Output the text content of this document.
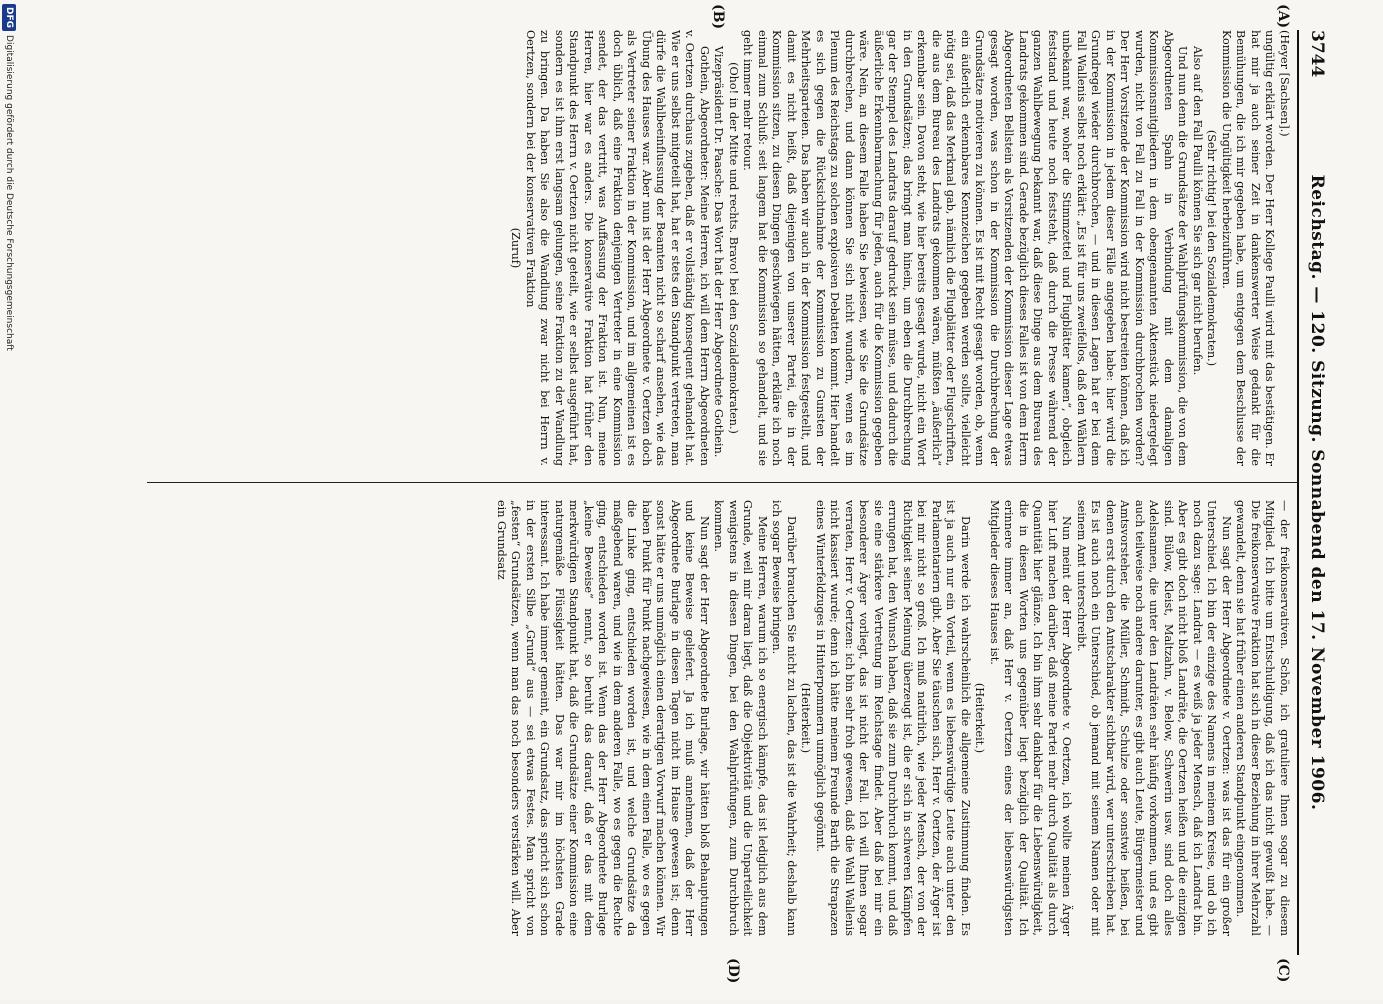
3744
Reichstag. — 120. Sitzung. Sonnabend den 17. November 1906.
(A)
(B)
(C)
(D)

(Heyer [Sachsen].)

ungültig erklärt worden. Der Herr Kollege Paulli wird mit das bestätigen. Er hat mir ja auch seiner Zeit in dankenswerter Weise gedankt für die Bemühungen, die ich mir gegeben habe, um entgegen dem Beschlusse der Kommission die Ungültigkeit herbeizuführen.

(Sehr richtig! bei den Sozialdemokraten.)

Also auf den Fall Paulli können Sie sich gar nicht berufen.

Und nun denn die Grundsätze der Wahlprüfungskommission, die von dem Abgeordneten Spahn in Verbindung mit dem damaligen Kommissionsmitgliedern in dem obengenannten Aktenstück niedergelegt wurden, nicht von Fall zu Fall in der Kommission durchbrochen worden? Der Herr Vorsitzende der Kommission wird nicht bestreiten können, daß ich in der Kommission in jedem dieser Fälle angegeben habe: hier wird die Grundregel wieder durchbrochen, — und in diesen Lagen hat er bei dem Fall Wallenis selbst noch erklärt: „Es ist für uns zweifellos, daß den Wählern unbekannt war, woher die Stimmzettel und Flugblätter kamen“, obgleich feststand und heute noch feststeht, daß durch die Presse während der ganzen Wahlbewegung bekannt war, daß diese Dinge aus dem Bureau des Landrats gekommen sind. Gerade bezüglich dieses Falles ist von dem Herrn Abgeordneten Bellstein als Vorsitzenden der Kommission dieser Lage etwas gesagt worden, was schon in der Kommission die Durchbrechung der Grundsätze motivieren zu können. Es ist mit Recht gesagt worden, ob, wenn ein äußerlich erkennbares Kennzeichen gegeben werden sollte, vielleicht nötig sei, daß das Merkmal gab, nämlich die Flugblätter oder Flugschriften, die aus dem Bureau des Landrats gekommen wären, müßten „äußerlich“ erkennbar sein. Davon steht, wie hier bereits gesagt wurde, nicht ein Wort in den Grundsätzen; das bringt man hinein, um eben die Durchbrechung gar der Stempel des Landrats darauf gedruckt sein müsse, und dadurch die äußerliche Erkennbarmachung für jeden, auch für die Kommission gegeben wäre. Nein, an diesem Falle haben Sie bewiesen, wie Sie die Grundsätze durchbrechen, und dann können Sie sich nicht wundern, wenn es im Plenum des Reichstags zu solchen explosiven Debatten kommt. Hier handelt es sich gegen die Rücksichtnahme der Kommission zu Gunsten der Mehrheitsparteien. Das haben wir auch in der Kommission festgestellt, und damit es nicht heißt, daß diejenigen von unserer Partei, die in der Kommission sitzen, zu diesen Dingen geschwiegen hätten, erkläre ich noch einmal zum Schluß: seit langem hat die Kommission so gehandelt, und sie geht immer mehr retour.

(Oho! in der Mitte und rechts. Bravo! bei den Sozialdemokraten.)

Vizepräsident Dr. Paasche: Das Wort hat der Herr Abgeordnete Gothein.

Gothein, Abgeordneter: Meine Herren, ich will dem Herrn Abgeordneten v. Oertzen durchaus zugeben, daß er vollständig konsequent gehandelt hat. Wie er uns selbst mitgeteilt hat, hat er stets den Standpunkt vertreten, man dürfe die Wahlbeeinflussung der Beamten nicht so scharf ansehen, wie das Übung des Hauses war. Aber nun ist der Herr Abgeordnete v. Oertzen doch als Vertreter seiner Fraktion in der Kommission, und im allgemeinen ist es doch üblich, daß eine Fraktion denjenigen Vertreter in eine Kommission sendet, der das vertritt, was Auffassung der Fraktion ist. Nun, meine Herren, hier war es anders. Die konservative Fraktion hat früher den Standpunkt des Herrn v. Oertzen nicht geteilt, wie er selbst ausgeführt hat, sondern es ist ihm erst langsam gelungen, seine Fraktion zu der Wandlung zu bringen. Da haben Sie also die Wandlung zwar nicht bei Herrn v. Oertzen, sondern bei der konservativen Fraktion

(Zuruf)

— der freikonservativen. Schön, ich gratuliere Ihnen sogar zu diesem Mitglied. Ich bitte um Entschuldigung, daß ich das nicht gewußt habe. — Die freikonservative Fraktion hat sich in dieser Beziehung in ihrer Mehrzahl gewandelt, denn sie hat früher einen anderen Standpunkt eingenommen.

Nun sagt der Herr Abgeordnete v. Oertzen: was ist das für ein großer Unterschied. Ich bin der einzige des Namens in meinem Kreise, und ob ich noch dazu sage: Landrat — es weiß ja jeder Mensch, daß ich Landrat bin. Aber es gibt doch nicht bloß Landräte, die Oertzen heißen und die einzigen sind. Bülow, Kleist, Maltzahn, v. Below, Schwerin usw. sind doch alles Adelsnamen, die unter den Landräten sehr häufig vorkommen, und es gibt auch teilweise noch andere darunter, es gibt auch Leute, Bürgermeister und Amtsvorsteher, die Müller, Schmidt, Schulze oder sonstwie heißen, bei denen erst durch den Amtscharakter sichtbar wird, wer unterschrieben hat. Es ist auch noch ein Unterschied, ob jemand mit seinem Namen oder mit seinem Amt unterschreibt.

Nun meint der Herr Abgeordnete v. Oertzen, ich wollte meinen Ärger hier Luft machen darüber, daß meine Partei mehr durch Qualität als durch Quantität hier glänze. Ich bin ihm sehr dankbar für die Liebenswürdigkeit, die in diesen Worten uns gegenüber liegt bezüglich der Qualität. Ich erinnere immer an, daß Herr v. Oertzen eines der liebenswürdigsten Mitglieder dieses Hauses ist.

(Heiterkeit.)

Darin werde ich wahrscheinlich die allgemeine Zustimmung finden. Es ist ja auch nur ein Vorteil, wenn es liebenswürdige Leute auch unter den Parlamentariern gibt. Aber Sie täuschen sich, Herr v. Oertzen, der Ärger ist bei mir nicht so groß. Ich muß natürlich, wie jeder Mensch, der von der Richtigkeit seiner Meinung überzeugt ist, die er sich in schweren Kämpfen errungen hat, den Wunsch haben, daß sie zum Durchbruch kommt, und daß sie eine stärkere Vertretung im Reichstage findet. Aber daß bei mir ein besonderer Ärger vorliegt, das ist nicht der Fall. Ich will Ihnen sogar verraten, Herr v. Oertzen: ich bin sehr froh gewesen, daß die Wahl Wallenis nicht kassiert wurde; denn ich hätte meinem Freunde Barth die Strapazen eines Winterfeldzuges in Hinterpommern unmöglich gegönnt.

(Heiterkeit.)

Darüber brauchen Sie nicht zu lachen, das ist die Wahrheit; deshalb kann ich sogar Beweise bringen.

Meine Herren, warum ich so energisch kämpfe, das ist lediglich aus dem Grunde, weil mir daran liegt, daß die Objektivität und die Unparteilichkeit wenigstens in diesen Dingen, bei den Wahlprüfungen, zum Durchbruch kommen.

Nun sagt der Herr Abgeordnete Burlage, wir hätten bloß Behauptungen und keine Beweise geliefert. Ja ich muß annehmen, daß der Herr Abgeordnete Burlage in diesen Tagen nicht im Hause gewesen ist; denn sonst hätte er uns unmöglich einen derartigen Vorwurf machen können. Wir haben Punkt für Punkt nachgewiesen, wie in dem einen Falle, wo es gegen die Linke ging, entschieden worden ist, und welche Grundsätze da maßgebend waren, und wie in dem anderen Falle, wo es gegen die Rechte ging, entschieden worden ist. Wenn das der Herr Abgeordnete Burlage „keine Beweise“ nennt, so beruht das darauf, daß er das mit dem merkwürdigen Standpunkt hat, daß die Grundsätze einer Kommission eine naturgemäße Flüssigkeit hätten. Das war mir im höchsten Grade interessant. Ich habe immer gemeint, ein Grundsatz, das spricht sich schon in der ersten Silbe „Grund“ aus — sei etwas Festes. Man spricht von „festen“ Grundsätzen, wenn man das noch besonders verstärken will. Aber ein Grundsatz

DFGDigitalisierung gefördert durch die Deutsche Forschungsgemeinschaft
